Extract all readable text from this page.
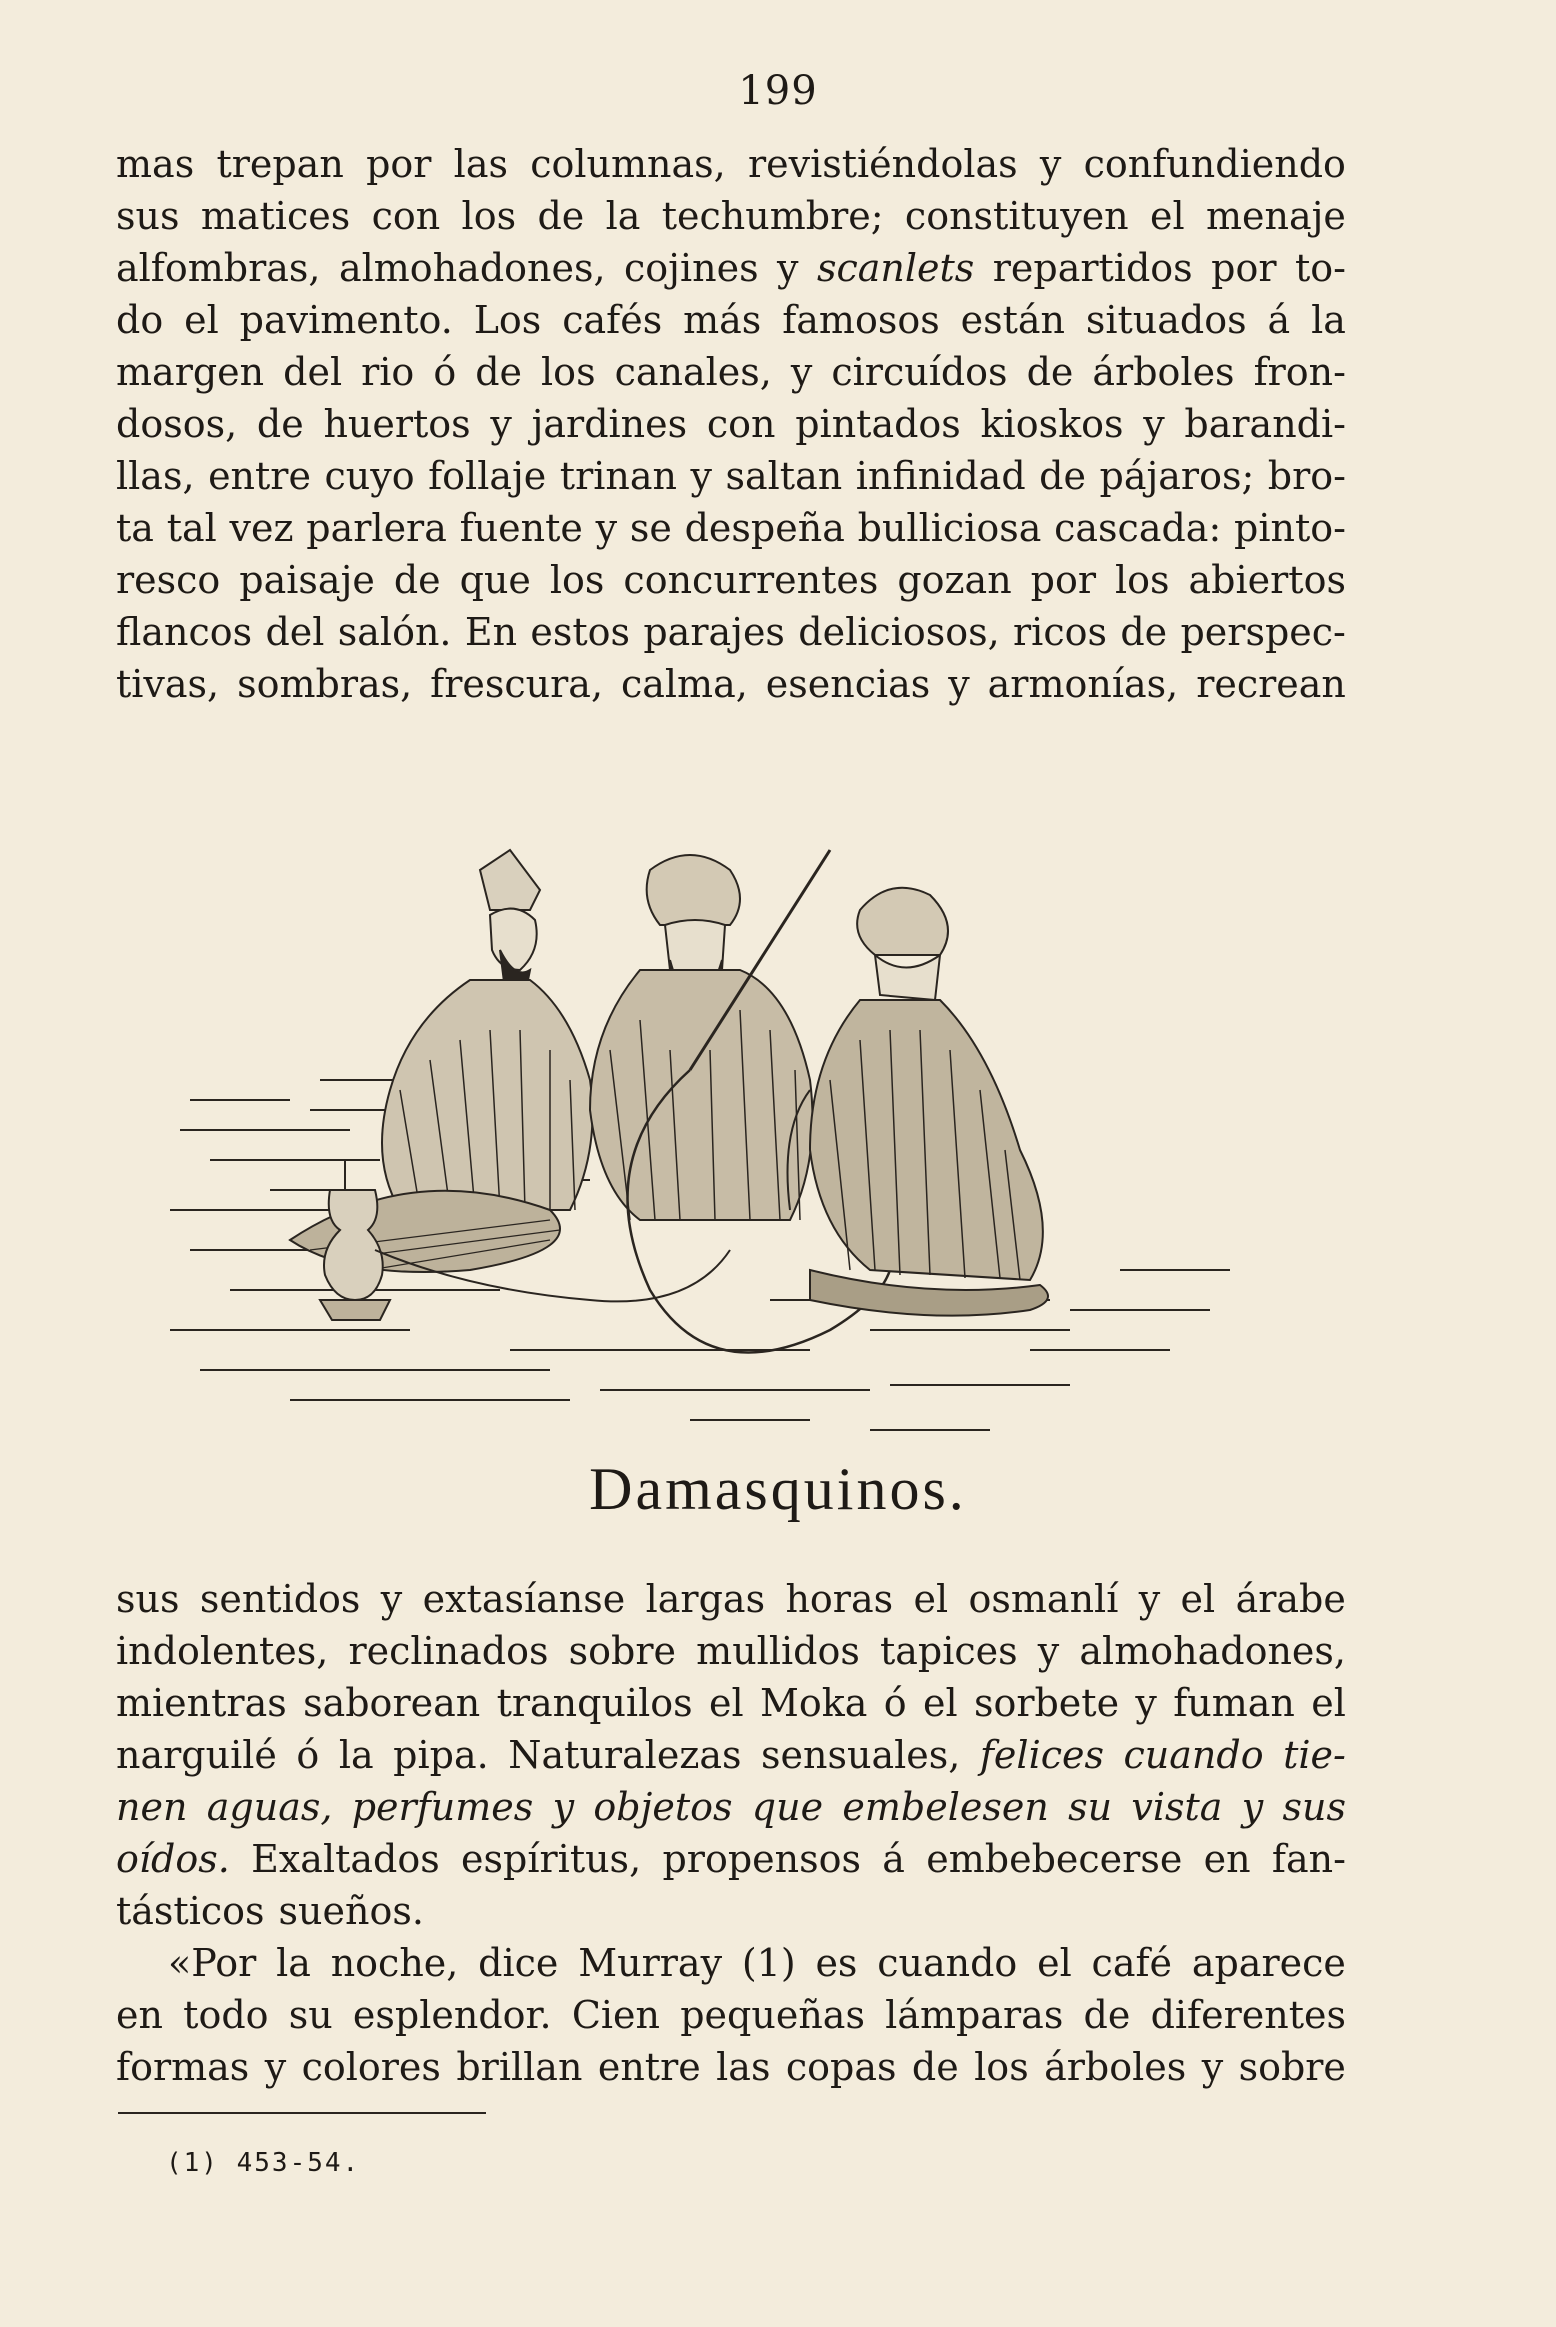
199
mas trepan por las columnas, revistiéndolas y confundiendo
sus matices con los de la techumbre; constituyen el menaje
alfombras, almohadones, cojines y scanlets repartidos por to-
do el pavimento. Los cafés más famosos están situados á la
margen del rio ó de los canales, y circuídos de árboles fron-
dosos, de huertos y jardines con pintados kioskos y barandi-
llas, entre cuyo follaje trinan y saltan infinidad de pájaros; bro-
ta tal vez parlera fuente y se despeña bulliciosa cascada: pinto-
resco paisaje de que los concurrentes gozan por los abiertos
flancos del salón. En estos parajes deliciosos, ricos de perspec-
tivas, sombras, frescura, calma, esencias y armonías, recrean
Damasquinos.
sus sentidos y extasíanse largas horas el osmanlí y el árabe
indolentes, reclinados sobre mullidos tapices y almohadones,
mientras saborean tranquilos el Moka ó el sorbete y fuman el
narguilé ó la pipa. Naturalezas sensuales, felices cuando tie-
nen aguas, perfumes y objetos que embelesen su vista y sus
oídos. Exaltados espíritus, propensos á embebecerse en fan-
tásticos sueños.
«Por la noche, dice Murray (1) es cuando el café aparece
en todo su esplendor. Cien pequeñas lámparas de diferentes
formas y colores brillan entre las copas de los árboles y sobre
(1) 453-54.
